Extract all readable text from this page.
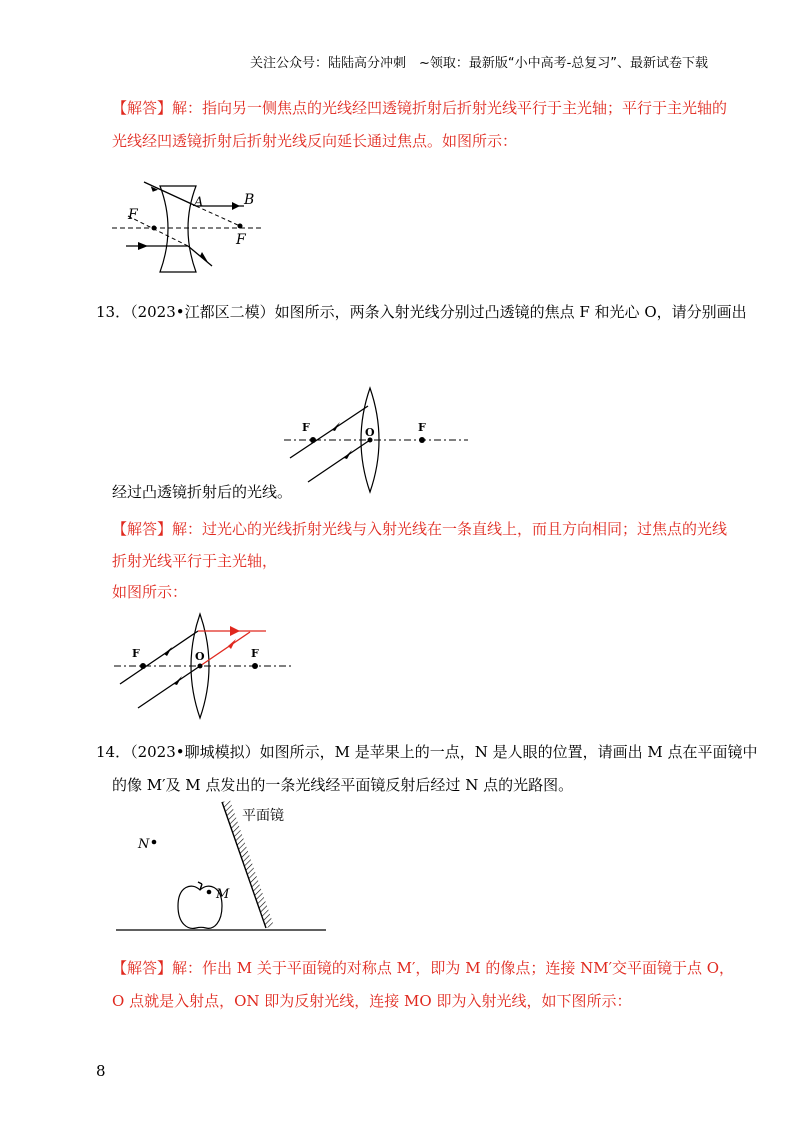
关注公众号：陆陆高分冲刺　~领取：最新版“小中高考-总复习”、最新试卷下载
【解答】解：指向另一侧焦点的光线经凹透镜折射后折射光线平行于主光轴；平行于主光轴的
光线经凹透镜折射后折射光线反向延长通过焦点。如图所示：
F
A	B
F
13．（2023•江都区二模）如图所示，两条入射光线分别过凸透镜的焦点 F 和光心 O，请分别画出
F	O	F
经过凸透镜折射后的光线。
【解答】解：过光心的光线折射光线与入射光线在一条直线上，而且方向相同；过焦点的光线
折射光线平行于主光轴，
如图所示：
F	O	F
14．（2023•聊城模拟）如图所示，M 是苹果上的一点，N 是人眼的位置，请画出 M 点在平面镜中
的像 M′及 M 点发出的一条光线经平面镜反射后经过 N 点的光路图。
平面镜
N
M
【解答】解：作出 M 关于平面镜的对称点 M′，即为 M 的像点；连接 NM′交平面镜于点 O，
O 点就是入射点，ON 即为反射光线，连接 MO 即为入射光线，如下图所示：
8
